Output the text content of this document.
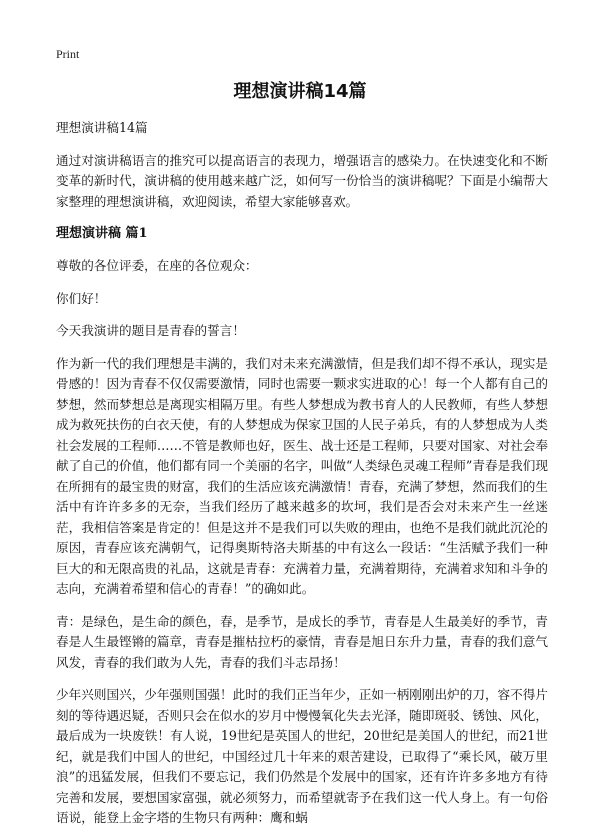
Print
理想演讲稿14篇

理想演讲稿14篇

通过对演讲稿语言的推究可以提高语言的表现力，增强语言的感染力。在快速变化和不断变革的新时代，演讲稿的使用越来越广泛，如何写一份恰当的演讲稿呢？下面是小编帮大家整理的理想演讲稿，欢迎阅读，希望大家能够喜欢。

理想演讲稿 篇1

尊敬的各位评委，在座的各位观众：

你们好！

今天我演讲的题目是青春的誓言！

作为新一代的我们理想是丰满的，我们对未来充满激情，但是我们却不得不承认，现实是骨感的！因为青春不仅仅需要激情，同时也需要一颗求实进取的心！每一个人都有自己的梦想，然而梦想总是离现实相隔万里。有些人梦想成为教书育人的人民教师，有些人梦想成为救死扶伤的白衣天使，有的人梦想成为保家卫国的人民子弟兵，有的人梦想成为人类社会发展的工程师……不管是教师也好，医生、战士还是工程师，只要对国家、对社会奉献了自己的价值，他们都有同一个美丽的名字，叫做“人类绿色灵魂工程师”青春是我们现在所拥有的最宝贵的财富，我们的生活应该充满激情！青春，充满了梦想，然而我们的生活中有许许多多的无奈，当我们经历了越来越多的坎坷，我们是否会对未来产生一丝迷茫，我相信答案是肯定的！但是这并不是我们可以失败的理由，也绝不是我们就此沉沦的原因，青春应该充满朝气，记得奥斯特洛夫斯基的中有这么一段话：“生活赋予我们一种巨大的和无限高贵的礼品，这就是青春：充满着力量，充满着期待，充满着求知和斗争的志向，充满着希望和信心的青春！”的确如此。

青：是绿色，是生命的颜色，春，是季节，是成长的季节，青春是人生最美好的季节，青春是人生最铿锵的篇章，青春是摧枯拉朽的豪情，青春是旭日东升力量，青春的我们意气风发，青春的我们敢为人先，青春的我们斗志昂扬！

少年兴则国兴，少年强则国强！此时的我们正当年少，正如一柄刚刚出炉的刀，容不得片刻的等待遇迟疑，否则只会在似水的岁月中慢慢氧化失去光泽，随即斑驳、锈蚀、风化，最后成为一块废铁！有人说，19世纪是英国人的世纪，20世纪是美国人的世纪，而21世纪，就是我们中国人的世纪，中国经过几十年来的艰苦建设，已取得了“乘长风，破万里浪”的迅猛发展，但我们不要忘记，我们仍然是个发展中的国家，还有许许多多地方有待完善和发展，要想国家富强，就必须努力，而希望就寄予在我们这一代人身上。有一句俗语说，能登上金字塔的生物只有两种：鹰和蜗
